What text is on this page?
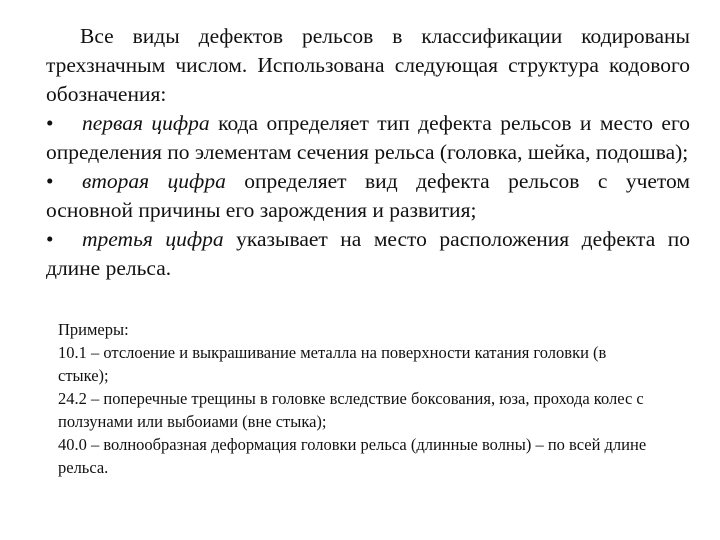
Все виды дефектов рельсов в классификации кодированы трехзначным числом. Использована следующая структура кодового обозначения:

• первая цифра кода определяет тип дефекта рельсов и место его определения по элементам сечения рельса (головка, шейка, подошва);

• вторая цифра определяет вид дефекта рельсов с учетом основной причины его зарождения и развития;

• третья цифра указывает на место расположения дефекта по длине рельса.

Примеры:

10.1 – отслоение и выкрашивание металла на поверхности катания головки (в стыке);

24.2 – поперечные трещины в головке вследствие боксования, юза, прохода колес с ползунами или выбоиами (вне стыка);

40.0 – волнообразная деформация головки рельса (длинные волны) – по всей длине рельса.
